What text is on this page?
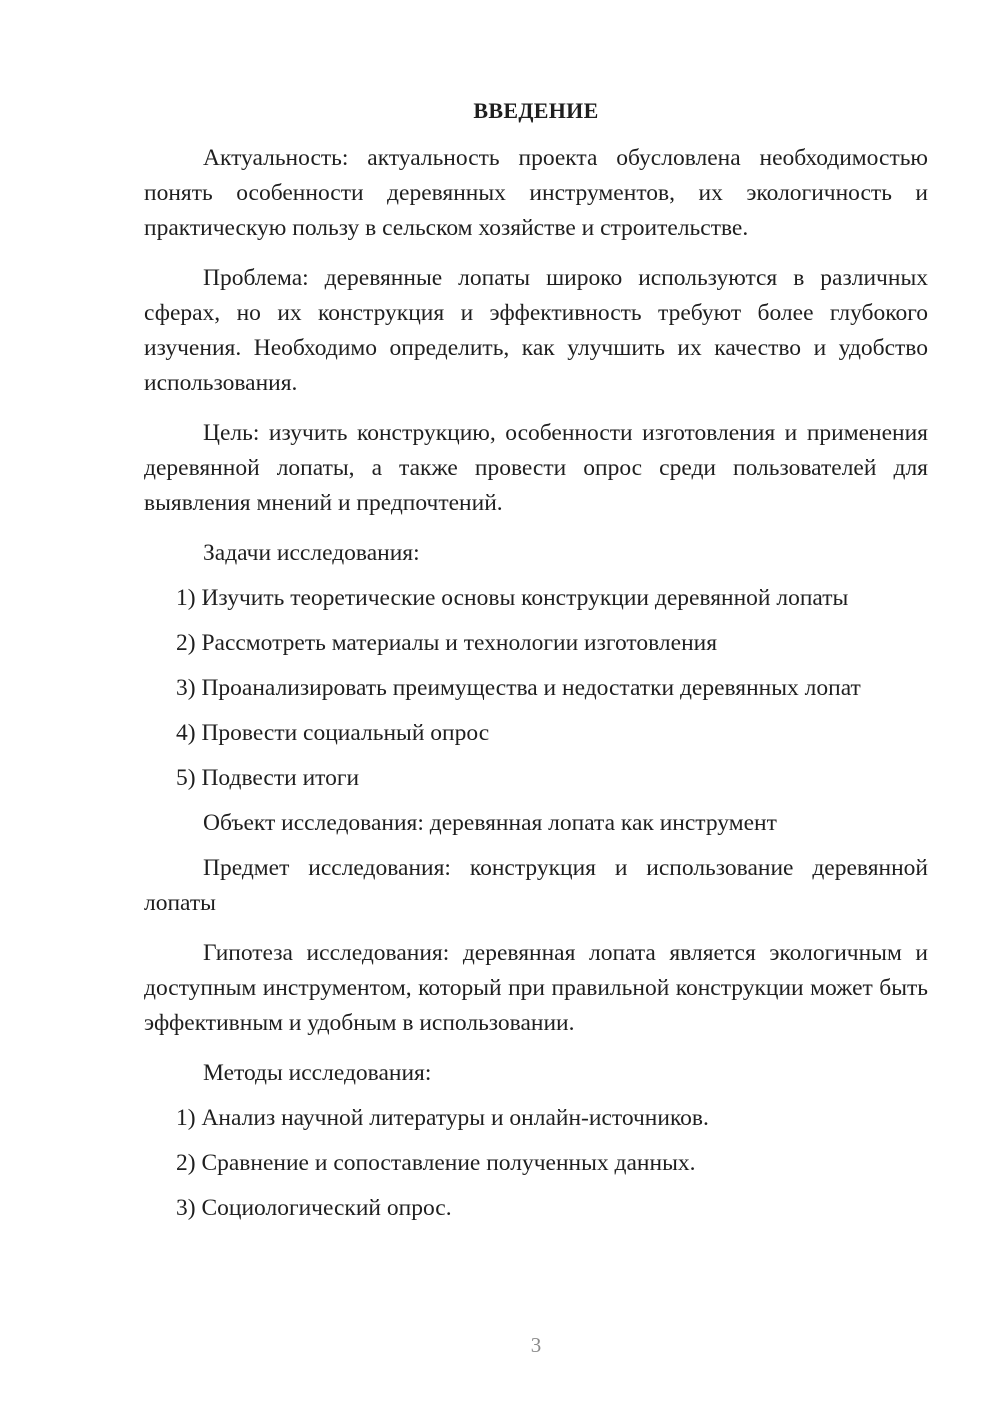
ВВЕДЕНИЕ

Актуальность: актуальность проекта обусловлена необходимостью понять особенности деревянных инструментов, их экологичность и практическую пользу в сельском хозяйстве и строительстве.

Проблема: деревянные лопаты широко используются в различных сферах, но их конструкция и эффективность требуют более глубокого изучения. Необходимо определить, как улучшить их качество и удобство использования.

Цель: изучить конструкцию, особенности изготовления и применения деревянной лопаты, а также провести опрос среди пользователей для выявления мнений и предпочтений.

Задачи исследования:

1) Изучить теоретические основы конструкции деревянной лопаты
2) Рассмотреть материалы и технологии изготовления
3) Проанализировать преимущества и недостатки деревянных лопат
4) Провести социальный опрос
5) Подвести итоги

Объект исследования: деревянная лопата как инструмент

Предмет исследования: конструкция и использование деревянной лопаты

Гипотеза исследования: деревянная лопата является экологичным и доступным инструментом, который при правильной конструкции может быть эффективным и удобным в использовании.

Методы исследования:

1) Анализ научной литературы и онлайн-источников.
2) Сравнение и сопоставление полученных данных.
3) Социологический опрос.
3
